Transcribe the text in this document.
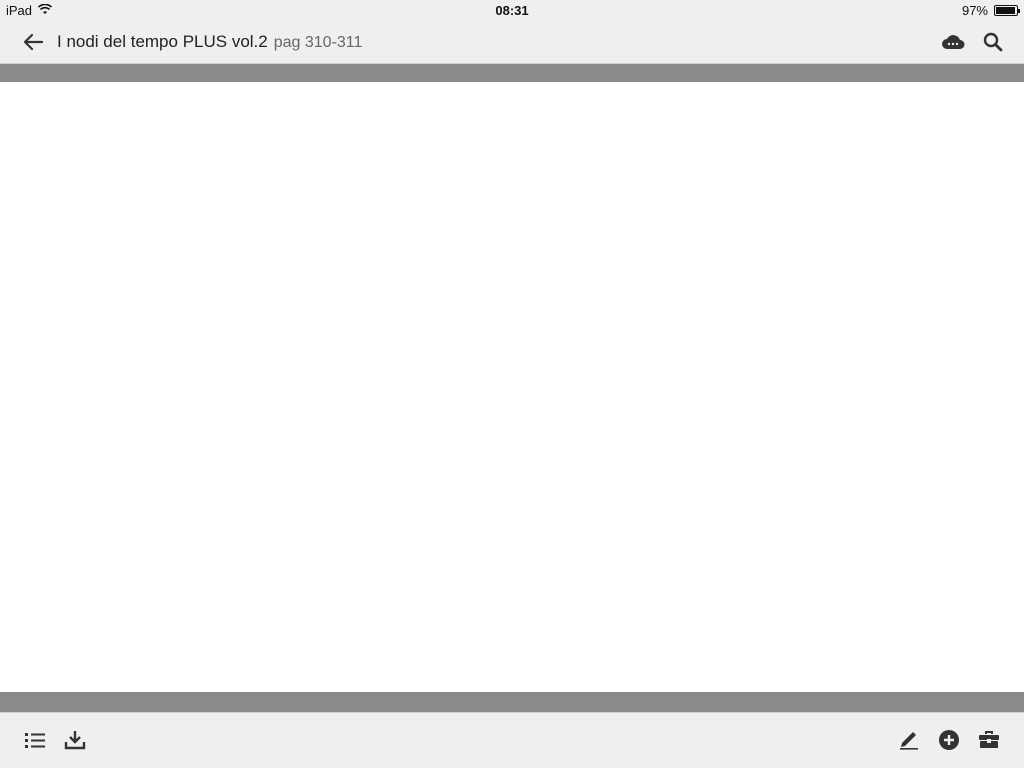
iPad	08:31	97%
I nodi del tempo PLUS vol.2 pag 310-311
